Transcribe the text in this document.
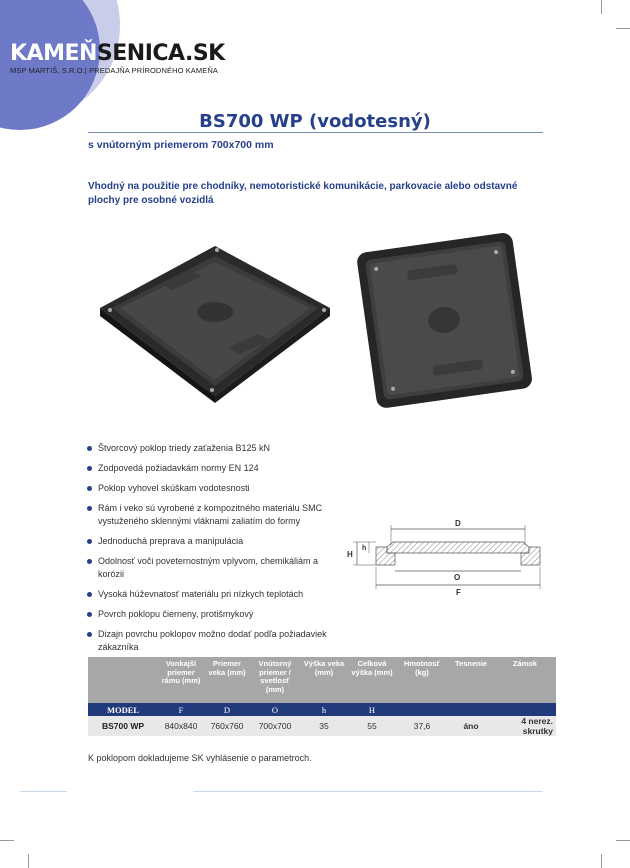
KAMEŇSENICA.SK
MSP MARTIŠ, S.R.O.| PREDAJŇA PRÍRODNÉHO KAMEŇA
BS700 WP (vodotesný)
s vnútorným priemerom 700x700 mm
Vhodný na použitie pre chodníky, nemotoristické komunikácie, parkovacie alebo odstavné plochy pre osobné vozidlá
Štvorcový poklop triedy zaťaženia B125 kN
Zodpovedá požiadavkám normy EN 124
Poklop vyhovel skúškam vodotesnosti
Rám i veko sú vyrobené z kompozitného materiálu SMC vystuženého sklennými vláknami zaliatím do formy
Jednoduchá preprava a manipulácia
Odolnosť voči poveternostným vplyvom, chemikáliám a korózii
Vysoká húževnatosť materiálu pri nízkych teplotách
Povrch poklopu čierneny, protišmykový
Dizajn povrchu poklopov možno dodať podľa požiadaviek zákazníka
D
H
h
O
F
	Vonkajší priemer rámu (mm)	Priemer veka (mm)	Vnútorný priemer / svetlosť (mm)	Výška veka (mm)	Celková výška (mm)	Hmotnosť (kg)	Tesnenie	Zámok
MODEL	F	D	O	h	H			
BS700 WP	840x840	760x760	700x700	35	55	37,6	áno	4 nerez. skrutky
K poklopom dokladujeme SK vyhlásenie o parametroch.
